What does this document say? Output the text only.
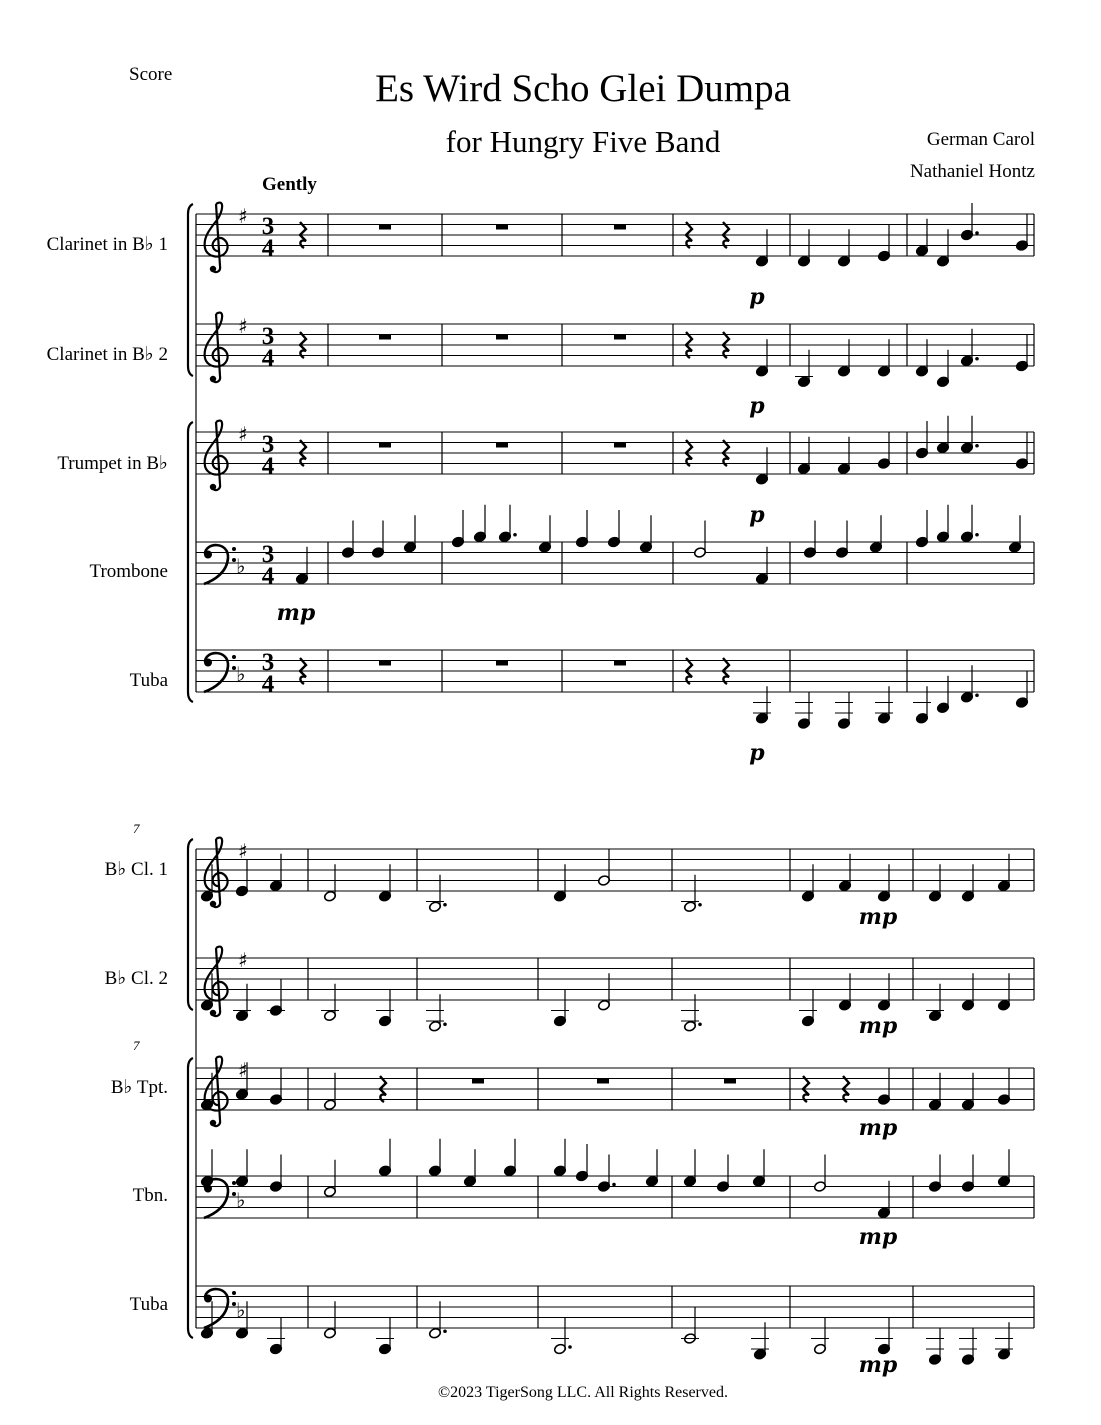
Score	Es Wird Scho Glei Dumpa
for Hungry Five Band	German Carol
Nathaniel Hontz
Gently
Clarinet in B♭ 1
Clarinet in B♭ 2
Trumpet in B♭
Trombone
Tuba
B♭ Cl. 1
B♭ Cl. 2
B♭ Tpt.
Tbn.
Tuba
♯ 3
4
♯ 3
4
♯ 3
4
♭ 3
4
♭ 3
4
♯
♯
♯
♭
♭
7
7
p
p
p
mp
p
mp
mp
mp
mp
mp
©2023 TigerSong LLC. All Rights Reserved.
